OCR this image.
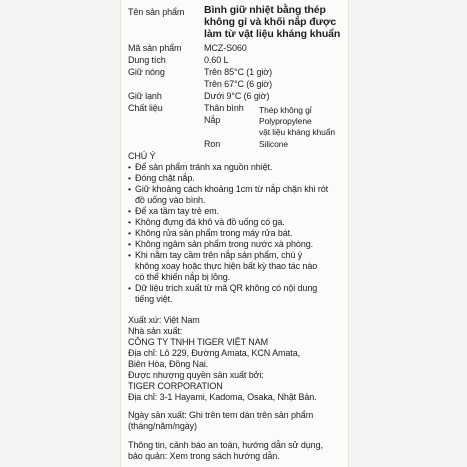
Tên sản phẩm Bình giữ nhiệt bằng thép
không gỉ và khối nắp được
làm từ vật liệu kháng khuẩn
Mã sản phẩm	MCZ-S060
Dung tích	0.60 L
Giữ nóng	Trên 85°C (1 giờ)
Trên 67°C (6 giờ)
Giữ lạnh	Dưới 9°C (6 giờ)
Chất liệu	Thân bình Thép không gỉ
Nắp	Polypropylene
vật liệu kháng khuẩn
Ron	Silicone
CHÚ Ý
• Để sản phẩm tránh xa nguồn nhiệt.
• Đóng chặt nắp.
• Giữ khoảng cách khoảng 1cm từ nắp chặn khi rót
đồ uống vào bình.
• Để xa tầm tay trẻ em.
• Không đựng đá khô và đồ uống có ga.
• Không rửa sản phẩm trong máy rửa bát.
• Không ngâm sản phẩm trong nước xà phòng.
• Khi nằm tay cầm trên nắp sản phẩm, chú ý
không xoay hoặc thực hiện bất kỳ thao tác nào
có thể khiến nắp bị lỏng.
• Dữ liệu trích xuất từ mã QR không có nội dung
tiếng việt.
Xuất xứ: Việt Nam
Nhà sản xuất:
CÔNG TY TNHH TIGER VIỆT NAM
Địa chỉ: Lô 229, Đường Amata, KCN Amata,
Biên Hòa, Đồng Nai.
Được nhượng quyền sản xuất bởi:
TIGER CORPORATION
Địa chỉ: 3-1 Hayami, Kadoma, Osaka, Nhật Bản.
Ngày sản xuất: Ghi trên tem dán trên sản phẩm
(tháng/năm/ngày)
Thông tin, cảnh báo an toàn, hướng dẫn sử dụng,
bảo quản: Xem trong sách hướng dẫn.
